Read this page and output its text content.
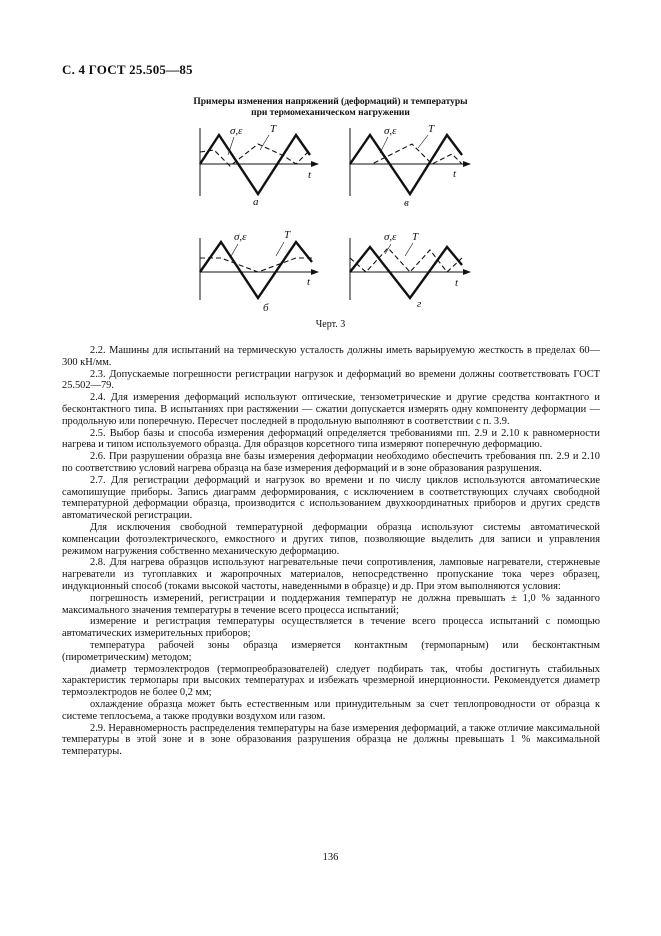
С. 4 ГОСТ 25.505—85
Примеры изменения напряжений (деформаций) и температуры
при термомеханическом нагружении
σ,ε T
t
а
σ,ε	T
t
в
σ,ε	T
t
б
σ,ε T
t
г
Черт. 3

2.2. Машины для испытаний на термическую усталость должны иметь варьируемую жесткость в пределах 60—300 кН/мм.

2.3. Допускаемые погрешности регистрации нагрузок и деформаций во времени должны соответствовать ГОСТ 25.502—79.

2.4. Для измерения деформаций используют оптические, тензометрические и другие средства контактного и бесконтактного типа. В испытаниях при растяжении — сжатии допускается измерять одну компоненту деформации — продольную или поперечную. Пересчет последней в продольную выполняют в соответствии с п. 3.9.

2.5. Выбор базы и способа измерения деформаций определяется требованиями пп. 2.9 и 2.10 к равномерности нагрева и типом используемого образца. Для образцов корсетного типа измеряют поперечную деформацию.

2.6. При разрушении образца вне базы измерения деформации необходимо обеспечить требования пп. 2.9 и 2.10 по соответствию условий нагрева образца на базе измерения деформаций и в зоне образования разрушения.

2.7. Для регистрации деформаций и нагрузок во времени и по числу циклов используются автоматические самопишущие приборы. Запись диаграмм деформирования, с исключением в соответствующих случаях свободной температурной деформации образца, производится с использованием двухкоординатных приборов и других средств автоматической регистрации.

Для исключения свободной температурной деформации образца используют системы автоматической компенсации фотоэлектрического, емкостного и других типов, позволяющие выделить для записи и управления режимом нагружения собственно механическую деформацию.

2.8. Для нагрева образцов используют нагревательные печи сопротивления, ламповые нагреватели, стержневые нагреватели из тугоплавких и жаропрочных материалов, непосредственно пропускание тока через образец, индукционный способ (токами высокой частоты, наведенными в образце) и др. При этом выполняются условия:

погрешность измерений, регистрации и поддержания температур не должна превышать ± 1,0 % заданного максимального значения температуры в течение всего процесса испытаний;

измерение и регистрация температуры осуществляется в течение всего процесса испытаний с помощью автоматических измерительных приборов;

температура рабочей зоны образца измеряется контактным (термопарным) или бесконтактным (пирометрическим) методом;

диаметр термоэлектродов (термопреобразователей) следует подбирать так, чтобы достигнуть стабильных характеристик термопары при высоких температурах и избежать чрезмерной инерционности. Рекомендуется диаметр термоэлектродов не более 0,2 мм;

охлаждение образца может быть естественным или принудительным за счет теплопроводности от образца к системе теплосъема, а также продувки воздухом или газом.

2.9. Неравномерность распределения температуры на базе измерения деформаций, а также отличие максимальной температуры в этой зоне и в зоне образования разрушения образца не должны превышать 1 % максимальной температуры.

136
